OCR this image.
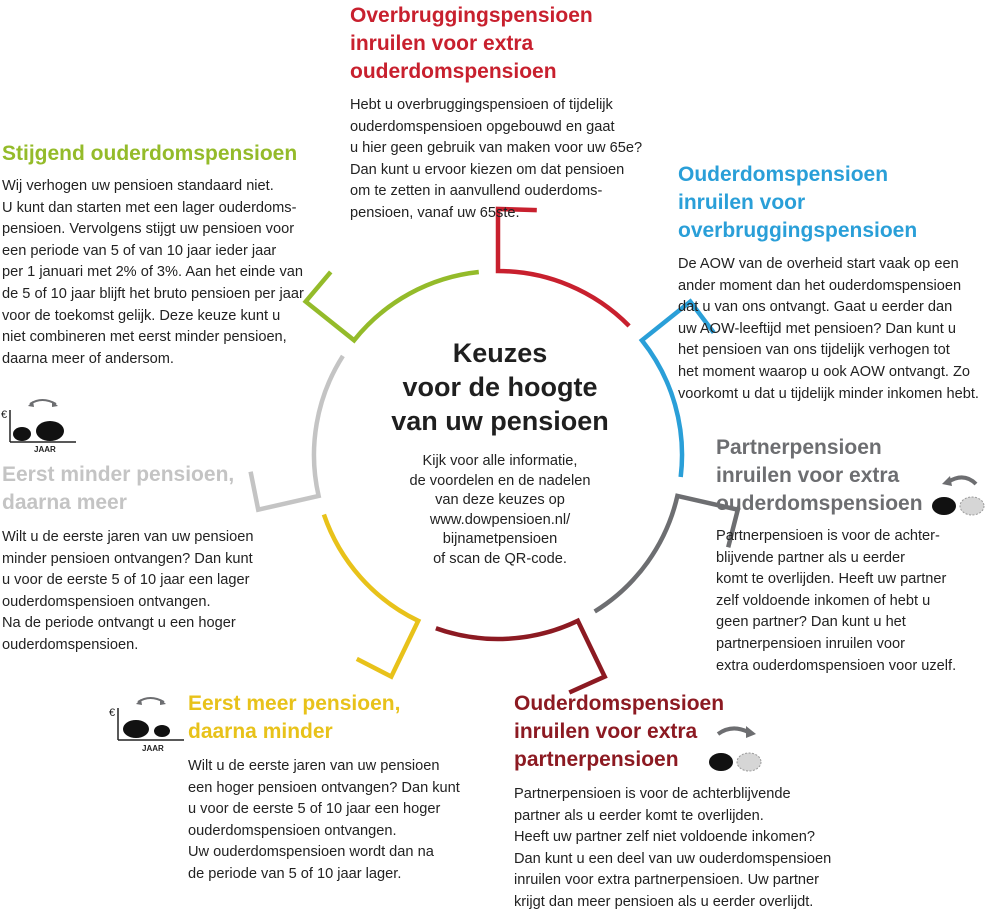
Keuzes
voor de hoogte
van uw pensioen

Kijk voor alle informatie,
de voordelen en de nadelen
van deze keuzes op
www.dowpensioen.nl/
bijnametpensioen
of scan de QR-code.

Overbruggingspensioen
inruilen voor extra
ouderdomspensioen

Hebt u overbruggingspensioen of tijdelijk
ouderdomspensioen opgebouwd en gaat
u hier geen gebruik van maken voor uw 65e?
Dan kunt u ervoor kiezen om dat pensioen
om te zetten in aanvullend ouderdoms-
pensioen, vanaf uw 65ste.

Ouderdomspensioen
inruilen voor
overbruggingspensioen

De AOW van de overheid start vaak op een
ander moment dan het ouderdomspensioen
dat u van ons ontvangt. Gaat u eerder dan
uw AOW-leeftijd met pensioen? Dan kunt u
het pensioen van ons tijdelijk verhogen tot
het moment waarop u ook AOW ontvangt. Zo
voorkomt u dat u tijdelijk minder inkomen hebt.

Partnerpensioen
inruilen voor extra
ouderdomspensioen

Partnerpensioen is voor de achter-
blijvende partner als u eerder
komt te overlijden. Heeft uw partner
zelf voldoende inkomen of hebt u
geen partner? Dan kunt u het
partnerpensioen inruilen voor
extra ouderdomspensioen voor uzelf.

Ouderdomspensioen
inruilen voor extra
partnerpensioen

Partnerpensioen is voor de achterblijvende
partner als u eerder komt te overlijden.
Heeft uw partner zelf niet voldoende inkomen?
Dan kunt u een deel van uw ouderdomspensioen
inruilen voor extra partnerpensioen. Uw partner
krijgt dan meer pensioen als u eerder overlijdt.

Eerst meer pensioen,
daarna minder

Wilt u de eerste jaren van uw pensioen
een hoger pensioen ontvangen? Dan kunt
u voor de eerste 5 of 10 jaar een hoger
ouderdomspensioen ontvangen.
Uw ouderdomspensioen wordt dan na
de periode van 5 of 10 jaar lager.

Eerst minder pensioen,
daarna meer

Wilt u de eerste jaren van uw pensioen
minder pensioen ontvangen? Dan kunt
u voor de eerste 5 of 10 jaar een lager
ouderdomspensioen ontvangen.
Na de periode ontvangt u een hoger
ouderdomspensioen.

Stijgend ouderdomspensioen

Wij verhogen uw pensioen standaard niet.
U kunt dan starten met een lager ouderdoms-
pensioen. Vervolgens stijgt uw pensioen voor
een periode van 5 of van 10 jaar ieder jaar
per 1 januari met 2% of 3%. Aan het einde van
de 5 of 10 jaar blijft het bruto pensioen per jaar
voor de toekomst gelijk. Deze keuze kunt u
niet combineren met eerst minder pensioen,
daarna meer of andersom.

€
JAAR
€
JAAR
